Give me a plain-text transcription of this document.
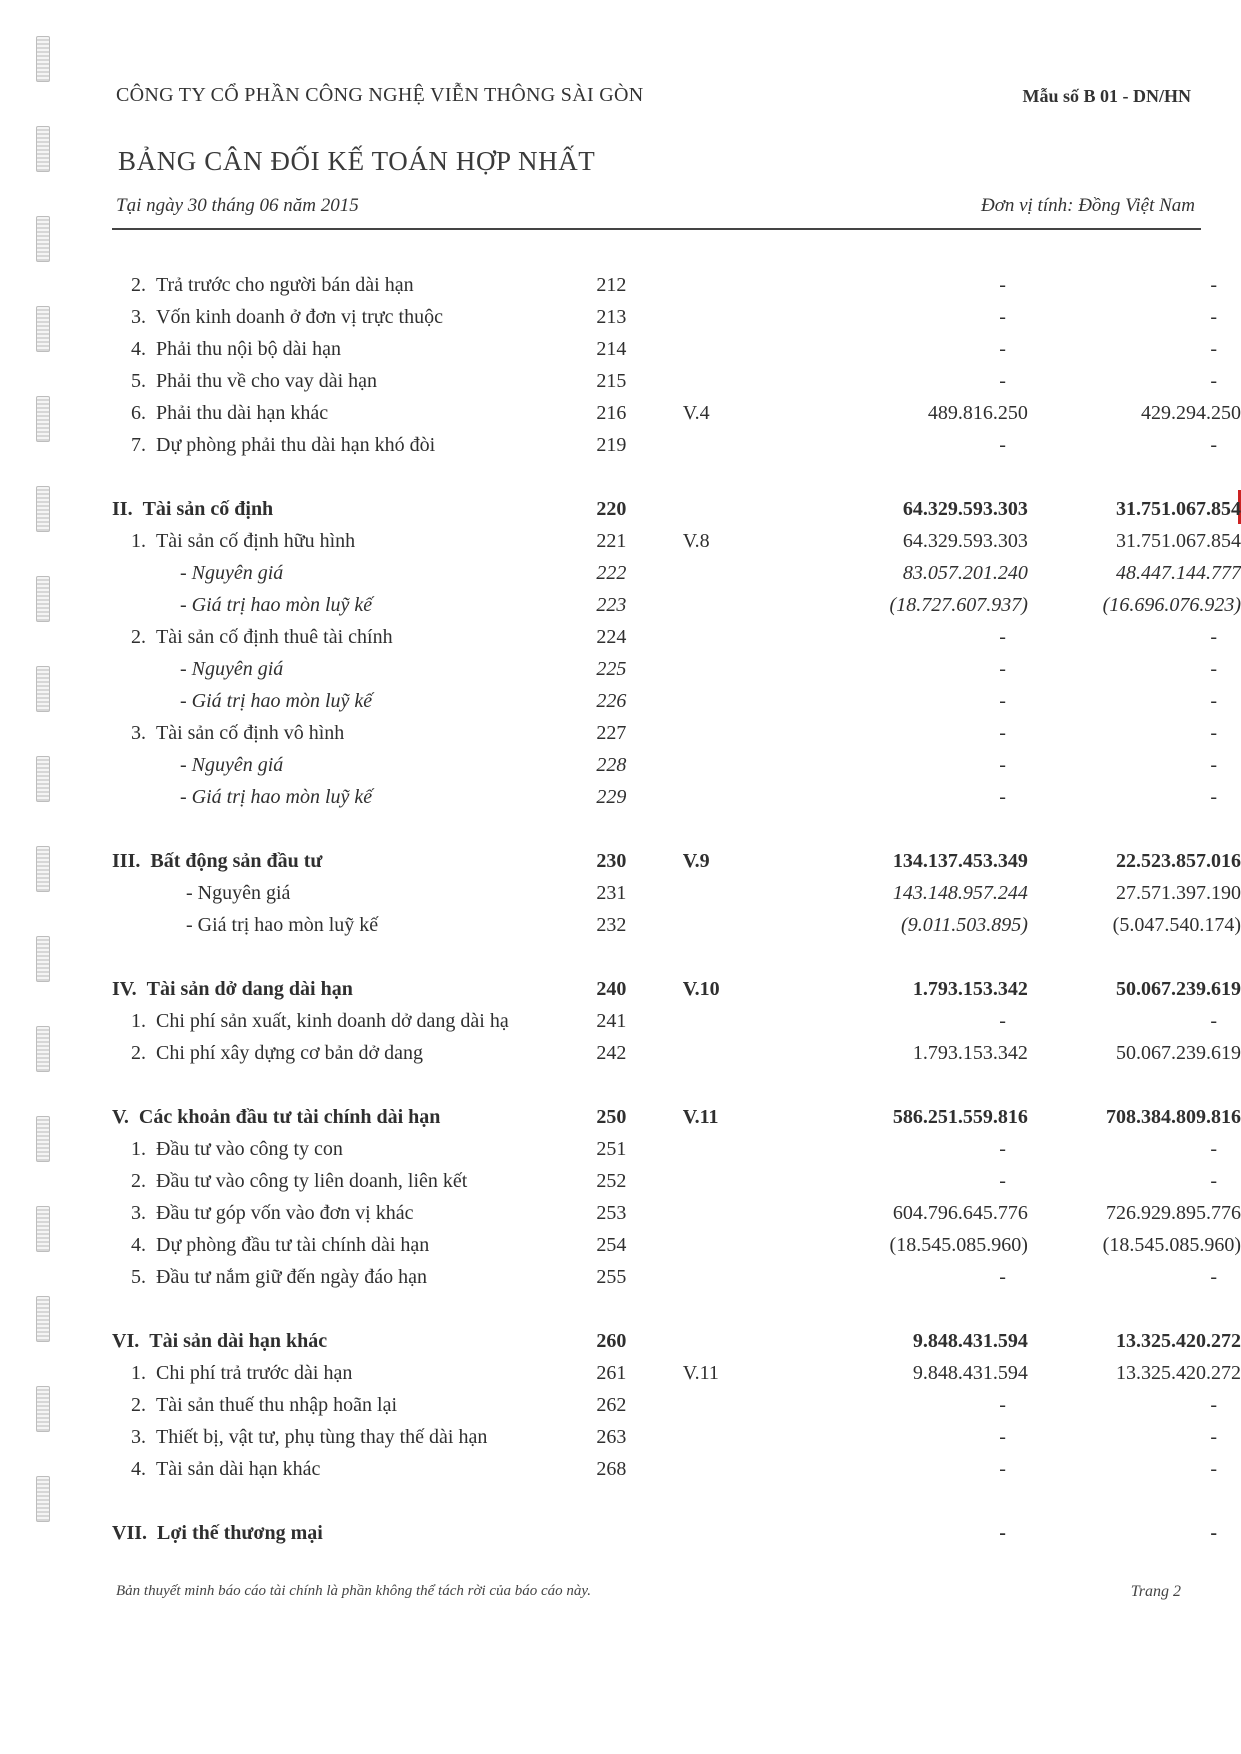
CÔNG TY CỔ PHẦN CÔNG NGHỆ VIỄN THÔNG SÀI GÒN	Mẫu số B 01 - DN/HN
BẢNG CÂN ĐỐI KẾ TOÁN HỢP NHẤT
Tại ngày 30 tháng 06 năm 2015	Đơn vị tính: Đồng Việt Nam
2. Trả trước cho người bán dài hạn	212		-	-
3. Vốn kinh doanh ở đơn vị trực thuộc	213		-	-
4. Phải thu nội bộ dài hạn	214		-	-
5. Phải thu về cho vay dài hạn	215		-	-
6. Phải thu dài hạn khác	216	V.4	489.816.250	429.294.250
7. Dự phòng phải thu dài hạn khó đòi	219		-	-

II. Tài sản cố định	220		64.329.593.303	31.751.067.854
1. Tài sản cố định hữu hình	221	V.8	64.329.593.303	31.751.067.854
- Nguyên giá	222		83.057.201.240	48.447.144.777
- Giá trị hao mòn luỹ kế	223		(18.727.607.937)	(16.696.076.923)
2. Tài sản cố định thuê tài chính	224		-	-
- Nguyên giá	225		-	-
- Giá trị hao mòn luỹ kế	226		-	-
3. Tài sản cố định vô hình	227		-	-
- Nguyên giá	228		-	-
- Giá trị hao mòn luỹ kế	229		-	-

III. Bất động sản đầu tư	230	V.9	134.137.453.349	22.523.857.016
- Nguyên giá	231		143.148.957.244	27.571.397.190
- Giá trị hao mòn luỹ kế	232		(9.011.503.895)	(5.047.540.174)

IV. Tài sản dở dang dài hạn	240	V.10	1.793.153.342	50.067.239.619
1. Chi phí sản xuất, kinh doanh dở dang dài hạ	241		-	-
2. Chi phí xây dựng cơ bản dở dang	242		1.793.153.342	50.067.239.619

V. Các khoản đầu tư tài chính dài hạn	250	V.11	586.251.559.816	708.384.809.816
1. Đầu tư vào công ty con	251		-	-
2. Đầu tư vào công ty liên doanh, liên kết	252		-	-
3. Đầu tư góp vốn vào đơn vị khác	253		604.796.645.776	726.929.895.776
4. Dự phòng đầu tư tài chính dài hạn	254		(18.545.085.960)	(18.545.085.960)
5. Đầu tư nắm giữ đến ngày đáo hạn	255		-	-

VI. Tài sản dài hạn khác	260		9.848.431.594	13.325.420.272
1. Chi phí trả trước dài hạn	261	V.11	9.848.431.594	13.325.420.272
2. Tài sản thuế thu nhập hoãn lại	262		-	-
3. Thiết bị, vật tư, phụ tùng thay thế dài hạn	263		-	-
4. Tài sản dài hạn khác	268		-	-

VII. Lợi thế thương mại			-	-
Bản thuyết minh báo cáo tài chính là phần không thể tách rời của báo cáo này.	Trang 2
